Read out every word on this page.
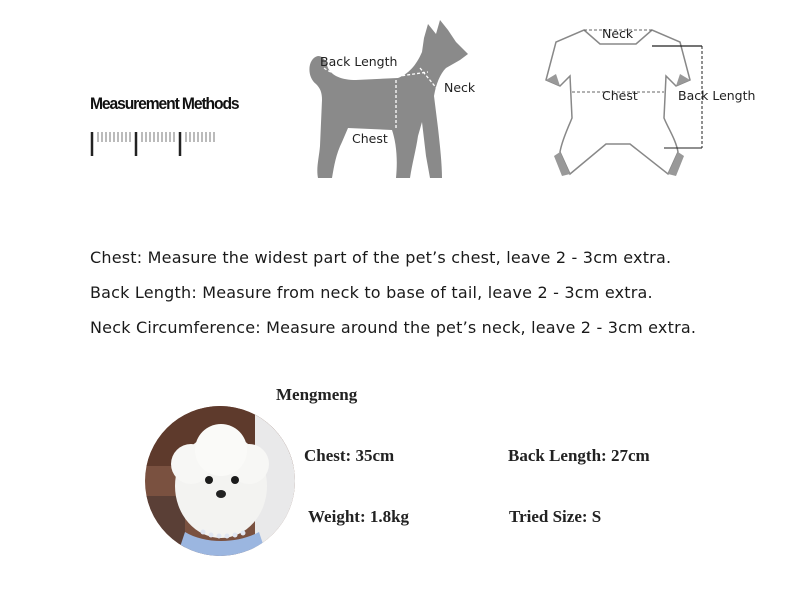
Measurement Methods
Back Length
Neck
Chest
Neck
Chest	Back Length
Chest: Measure the widest part of the pet’s chest, leave 2 - 3cm extra.
Back Length: Measure from neck to base of tail, leave 2 - 3cm extra.
Neck Circumference: Measure around the pet’s neck, leave 2 - 3cm extra.
Mengmeng
Chest: 35cm	Back Length: 27cm
Weight: 1.8kg	Tried Size: S
